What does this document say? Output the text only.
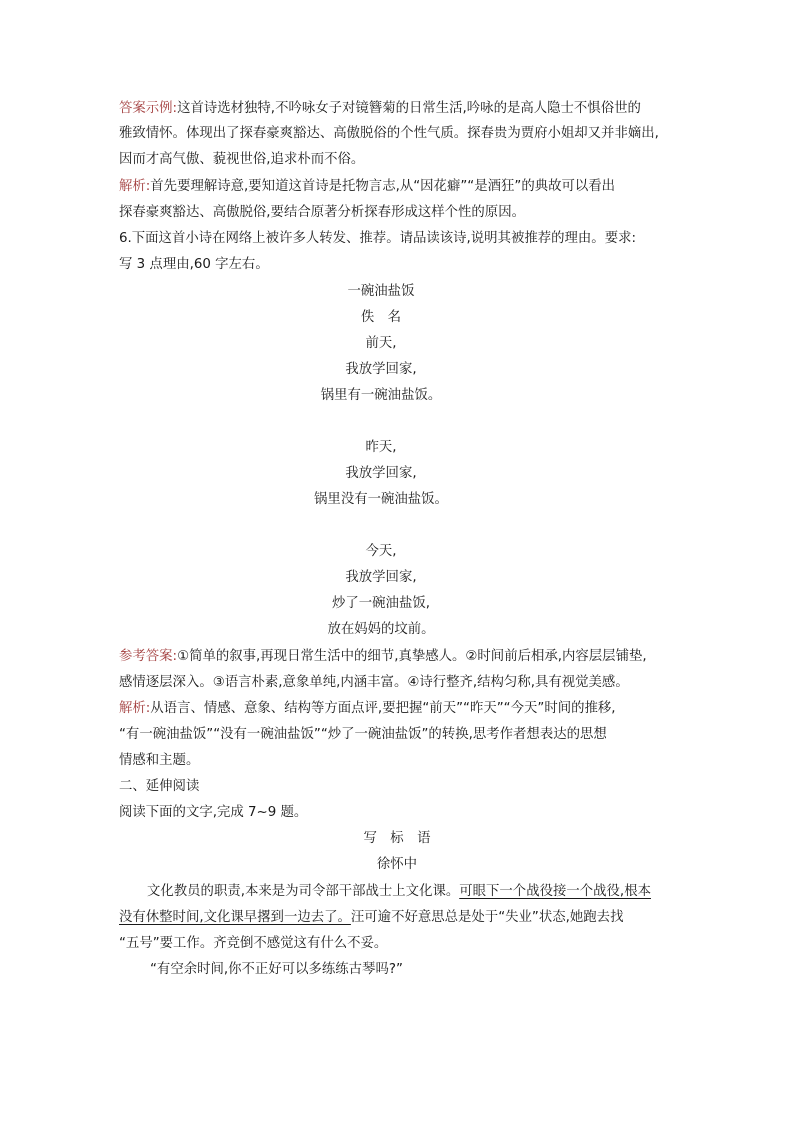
答案示例:这首诗选材独特,不吟咏女子对镜簪菊的日常生活,吟咏的是高人隐士不惧俗世的
雅致情怀。体现出了探春豪爽豁达、高傲脱俗的个性气质。探春贵为贾府小姐却又并非嫡出,
因而才高气傲、藐视世俗,追求朴而不俗。
解析:首先要理解诗意,要知道这首诗是托物言志,从“因花癖”“是酒狂”的典故可以看出
探春豪爽豁达、高傲脱俗,要结合原著分析探春形成这样个性的原因。
6.下面这首小诗在网络上被许多人转发、推荐。请品读该诗,说明其被推荐的理由。要求:
写 3 点理由,60 字左右。
一碗油盐饭
佚　名
前天,
我放学回家,
锅里有一碗油盐饭。
昨天,
我放学回家,
锅里没有一碗油盐饭。
今天,
我放学回家,
炒了一碗油盐饭,
放在妈妈的坟前。
参考答案:①简单的叙事,再现日常生活中的细节,真挚感人。②时间前后相承,内容层层铺垫,
感情逐层深入。③语言朴素,意象单纯,内涵丰富。④诗行整齐,结构匀称,具有视觉美感。
解析:从语言、情感、意象、结构等方面点评,要把握“前天”“昨天”“今天”时间的推移,
“有一碗油盐饭”“没有一碗油盐饭”“炒了一碗油盐饭”的转换,思考作者想表达的思想
情感和主题。
二、延伸阅读
阅读下面的文字,完成 7~9 题。
写　标　语
徐怀中
文化教员的职责,本来是为司令部干部战士上文化课。可眼下一个战役接一个战役,根本
没有休整时间,文化课早撂到一边去了。汪可逾不好意思总是处于“失业”状态,她跑去找
“五号”要工作。齐竞倒不感觉这有什么不妥。
“有空余时间,你不正好可以多练练古琴吗?”
